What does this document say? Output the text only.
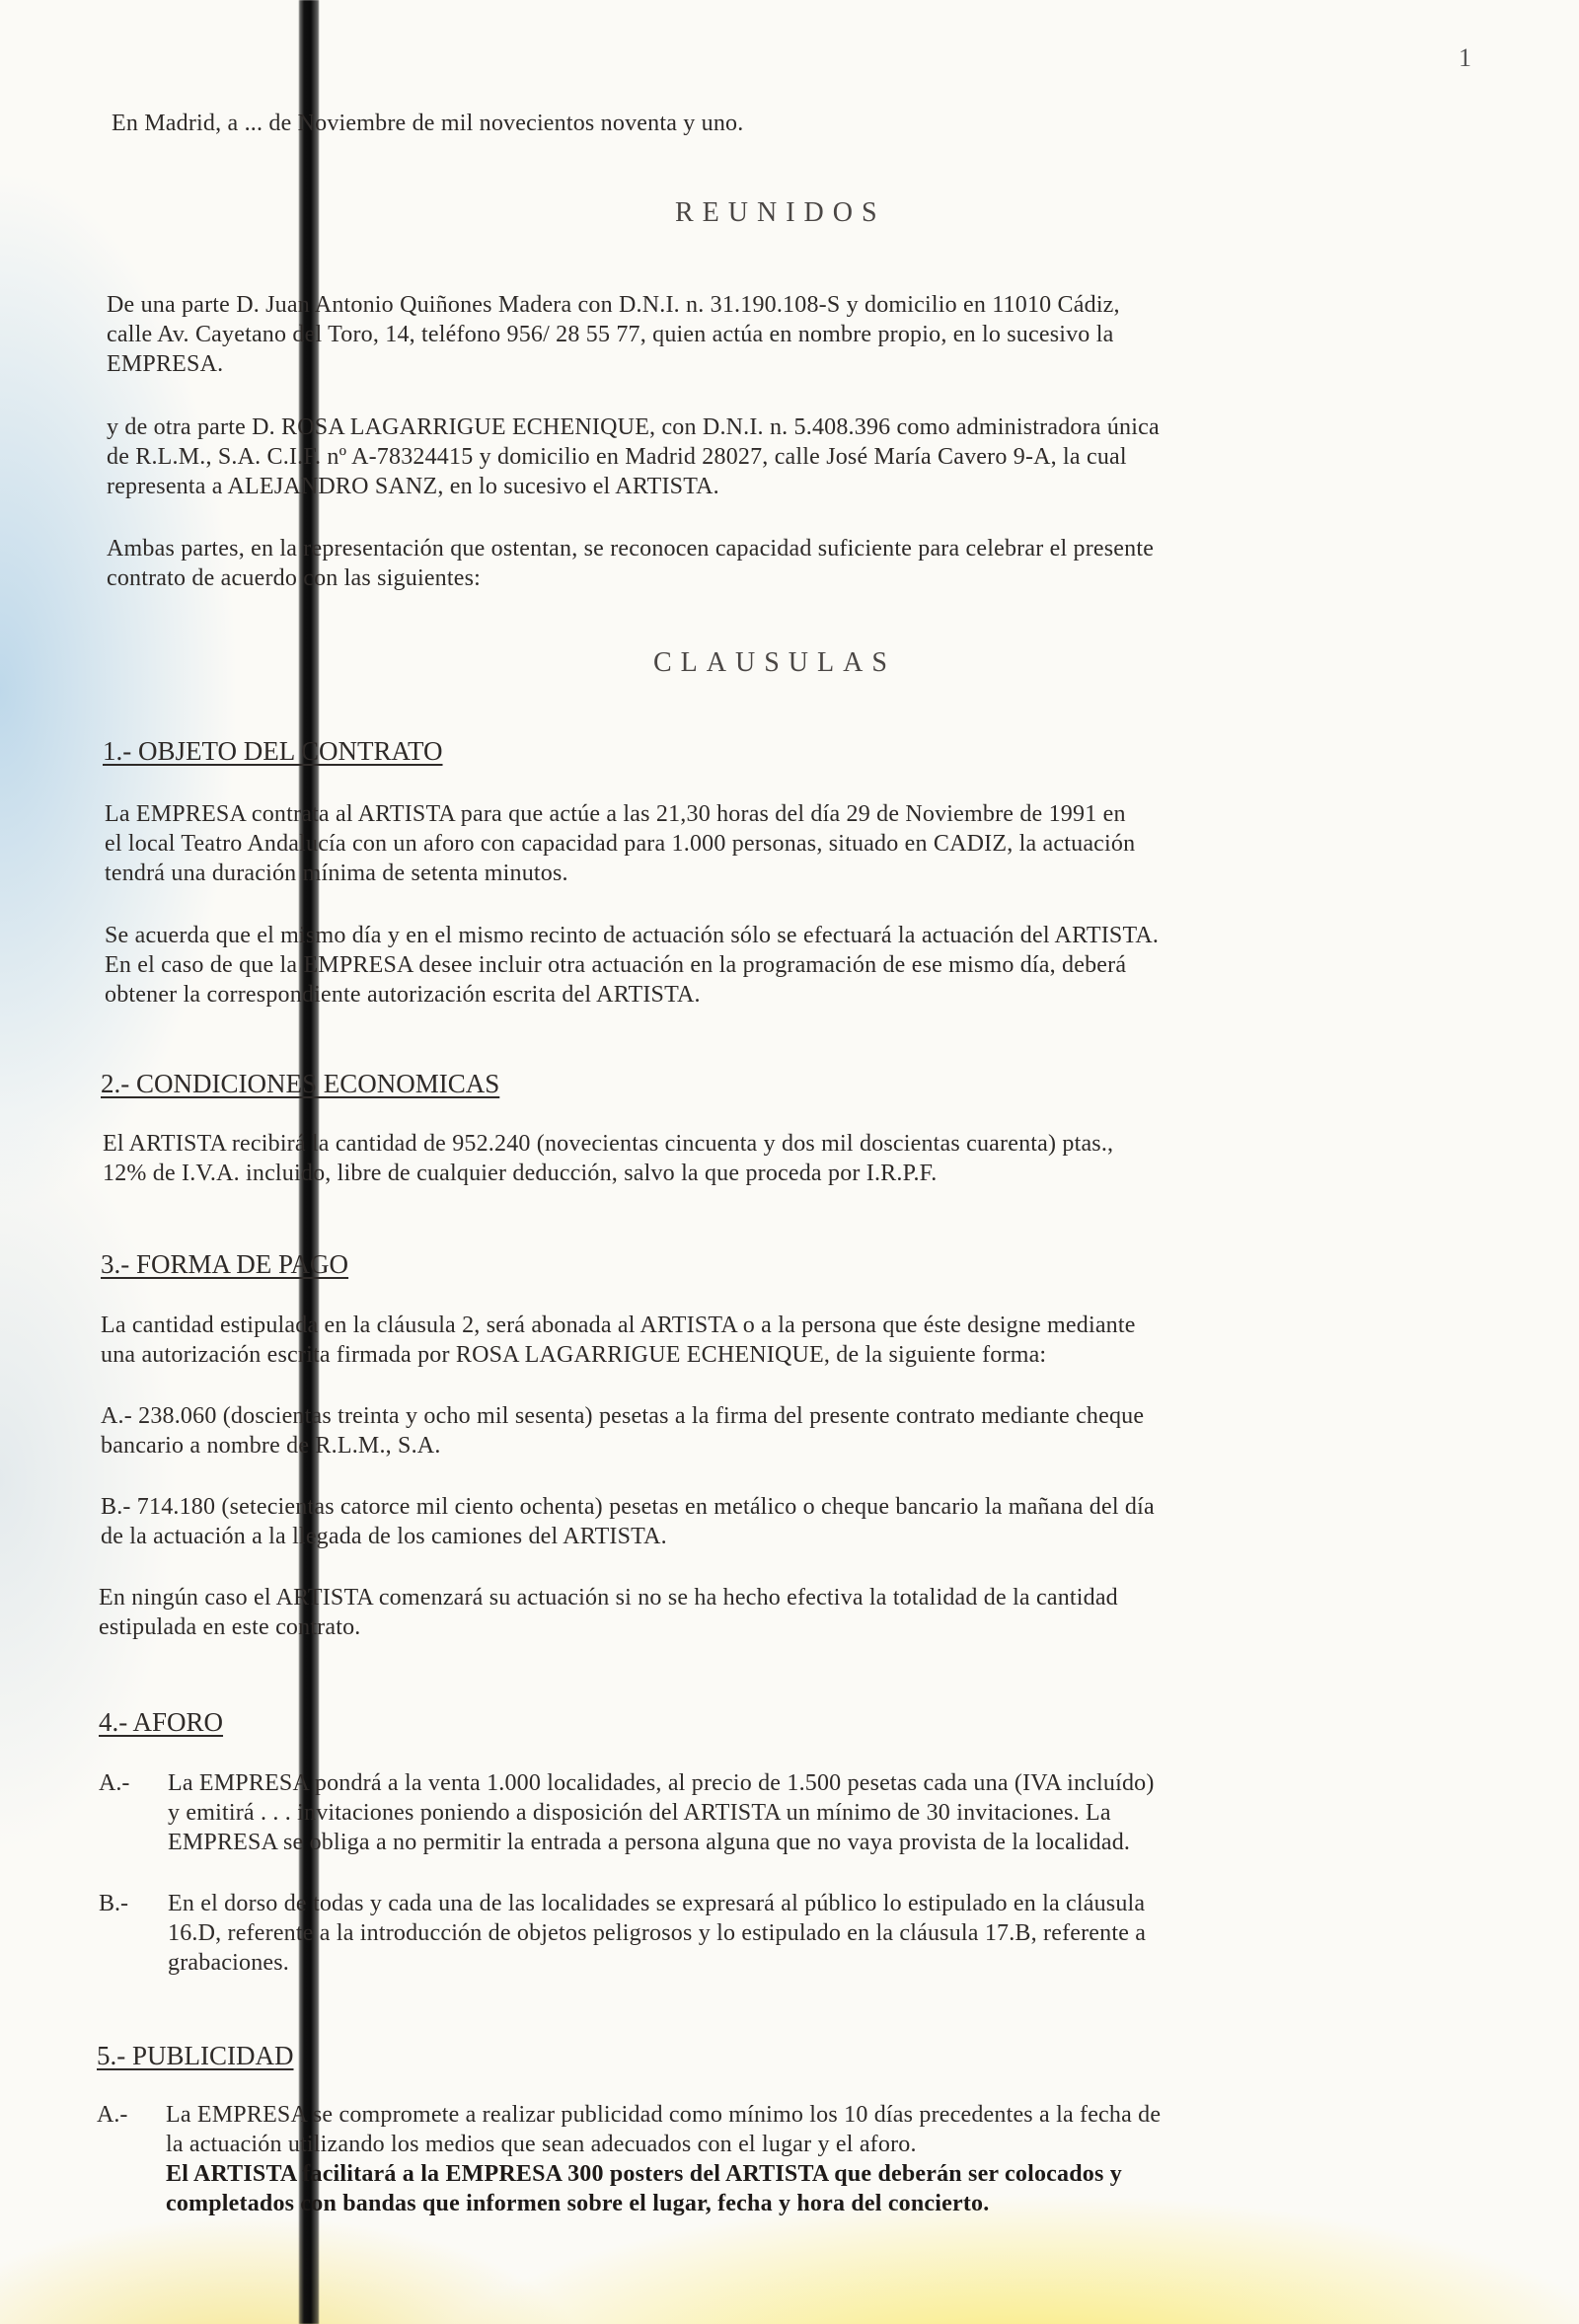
1
En Madrid, a ... de Noviembre de mil novecientos noventa y uno.
REUNIDOS
De una parte D. Juan Antonio Quiñones Madera con D.N.I. n. 31.190.108-S y domicilio en 11010 Cádiz,
calle Av. Cayetano del Toro, 14, teléfono 956/ 28 55 77, quien actúa en nombre propio, en lo sucesivo la
EMPRESA.
y de otra parte D. ROSA LAGARRIGUE ECHENIQUE, con D.N.I. n. 5.408.396 como administradora única
de R.L.M., S.A. C.I.F. nº A-78324415 y domicilio en Madrid 28027, calle José María Cavero 9-A, la cual
representa a ALEJANDRO SANZ, en lo sucesivo el ARTISTA.
Ambas partes, en la representación que ostentan, se reconocen capacidad suficiente para celebrar el presente
contrato de acuerdo con las siguientes:
CLAUSULAS
1.- OBJETO DEL CONTRATO
La EMPRESA contrata al ARTISTA para que actúe a las 21,30 horas del día 29 de Noviembre de 1991 en
el local Teatro Andalucía con un aforo con capacidad para 1.000 personas, situado en CADIZ, la actuación
tendrá una duración mínima de setenta minutos.
Se acuerda que el mismo día y en el mismo recinto de actuación sólo se efectuará la actuación del ARTISTA.
En el caso de que la EMPRESA desee incluir otra actuación en la programación de ese mismo día, deberá
obtener la correspondiente autorización escrita del ARTISTA.
2.- CONDICIONES ECONOMICAS
El ARTISTA recibirá la cantidad de 952.240 (novecientas cincuenta y dos mil doscientas cuarenta) ptas.,
12% de I.V.A. incluido, libre de cualquier deducción, salvo la que proceda por I.R.P.F.
3.- FORMA DE PAGO
La cantidad estipulada en la cláusula 2, será abonada al ARTISTA o a la persona que éste designe mediante
una autorización escrita firmada por ROSA LAGARRIGUE ECHENIQUE, de la siguiente forma:
A.- 238.060 (doscientas treinta y ocho mil sesenta) pesetas a la firma del presente contrato mediante cheque
bancario a nombre de R.L.M., S.A.
B.- 714.180 (setecientas catorce mil ciento ochenta) pesetas en metálico o cheque bancario la mañana del día
de la actuación a la llegada de los camiones del ARTISTA.
En ningún caso el ARTISTA comenzará su actuación si no se ha hecho efectiva la totalidad de la cantidad
estipulada en este contrato.
4.- AFORO
A.- La EMPRESA pondrá a la venta 1.000 localidades, al precio de 1.500 pesetas cada una (IVA incluído)
y emitirá . . . invitaciones poniendo a disposición del ARTISTA un mínimo de 30 invitaciones. La
EMPRESA se obliga a no permitir la entrada a persona alguna que no vaya provista de la localidad.
B.- En el dorso de todas y cada una de las localidades se expresará al público lo estipulado en la cláusula
16.D, referente a la introducción de objetos peligrosos y lo estipulado en la cláusula 17.B, referente a
grabaciones.
5.- PUBLICIDAD
A.- La EMPRESA se compromete a realizar publicidad como mínimo los 10 días precedentes a la fecha de
la actuación utilizando los medios que sean adecuados con el lugar y el aforo.
El ARTISTA facilitará a la EMPRESA 300 posters del ARTISTA que deberán ser colocados y
completados con bandas que informen sobre el lugar, fecha y hora del concierto.
